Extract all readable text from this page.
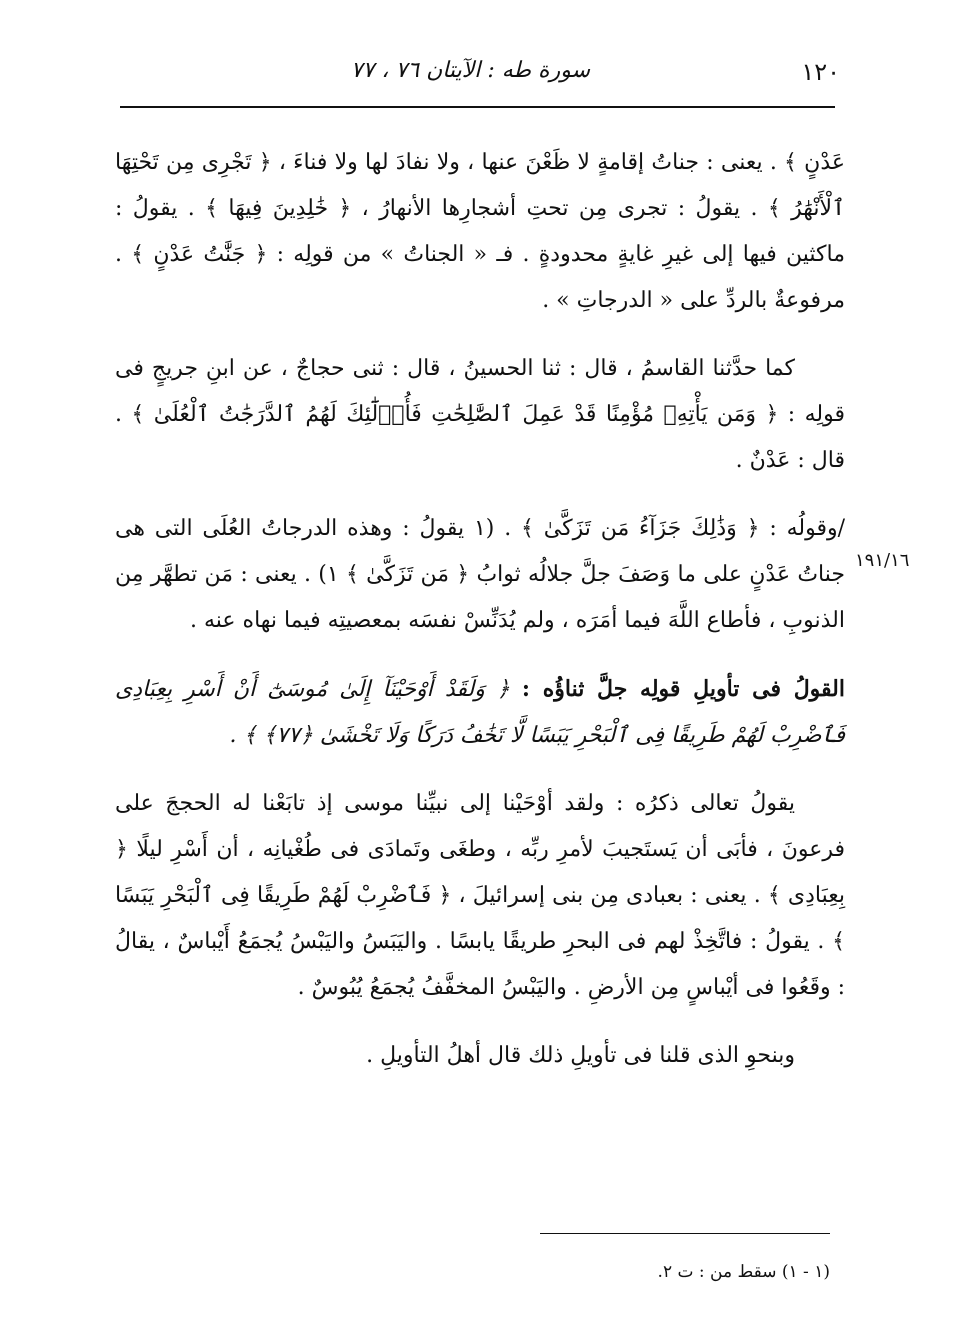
١٢٠
سورة طه : الآيتان ٧٦ ، ٧٧
١٩١/١٦

عَدْنٍ ﴾ . يعنى : جناتُ إقامةٍ لا ظَعْنَ عنها ، ولا نفادَ لها ولا فناءَ ، ﴿ تَجْرِى مِن تَحْتِهَا ٱلْأَنْهَٰرُ ﴾ . يقولُ : تجرى مِن تحتِ أشجارِها الأنهارُ ، ﴿ خَٰلِدِينَ فِيهَا ﴾ . يقولُ : ماكثين فيها إلى غيرِ غايةٍ محدودةٍ . فـ « الجناتُ » من قولِه : ﴿ جَنَّٰتُ عَدْنٍ ﴾ . مرفوعةٌ بالردِّ على « الدرجاتِ » .

كما حدَّثنا القاسمُ ، قال : ثنا الحسينُ ، قال : ثنى حجاجٌ ، عن ابنِ جريجٍ فى قولِه : ﴿ وَمَن يَأْتِهِۦ مُؤْمِنًا قَدْ عَمِلَ ٱلصَّٰلِحَٰتِ فَأُو۟لَٰٓئِكَ لَهُمُ ٱلدَّرَجَٰتُ ٱلْعُلَىٰ ﴾ . قال : عَدْنٌ .

/وقولُه : ﴿ وَذَٰلِكَ جَزَآءُ مَن تَزَكَّىٰ ﴾ . (١ يقولُ : وهذه الدرجاتُ العُلَى التى هى جناتُ عَدْنٍ على ما وَصَفَ جلَّ جلالُه ثوابُ ﴿ مَن تَزَكَّىٰ ﴾ ١) . يعنى : مَن تطهَّر مِن الذنوبِ ، فأطاع اللَّهَ فيما أمَرَه ، ولم يُدَنِّسْ نفسَه بمعصيتِه فيما نهاه عنه .

القولُ فى تأويلِ قولِه جلَّ ثناؤُه : ﴿ وَلَقَدْ أَوْحَيْنَآ إِلَىٰ مُوسَىٰٓ أَنْ أَسْرِ بِعِبَادِى فَٱضْرِبْ لَهُمْ طَرِيقًا فِى ٱلْبَحْرِ يَبَسًا لَّا تَخَٰفُ دَرَكًا وَلَا تَخْشَىٰ ﴿٧٧﴾ ﴾ .

يقولُ تعالى ذكرُه : ولقد أوْحَيْنا إلى نبيِّنا موسى إذ تابَعْنا له الحججَ على فرعونَ ، فأبَى أن يَستَجيبَ لأمرِ ربِّه ، وطغَى وتَمادَى فى طُغْيانِه ، أن أَسْرِ ليلًا ﴿ بِعِبَادِى ﴾ . يعنى : بعبادى مِن بنى إسرائيلَ ، ﴿ فَٱضْرِبْ لَهُمْ طَرِيقًا فِى ٱلْبَحْرِ يَبَسًا ﴾ . يقولُ : فاتَّخِذْ لهم فى البحرِ طريقًا يابسًا . واليَبَسُ واليَبْسُ يُجمَعُ أَيْباسٌ ، يقالُ : وقَعُوا فى أيْباسٍ مِن الأرضِ . واليَبْسُ المخفَّفُ يُجمَعُ يُبُوسٌ .

وبنحوِ الذى قلنا فى تأويلِ ذلك قال أهلُ التأويلِ .

(١ - ١) سقط من : ت ٢.
